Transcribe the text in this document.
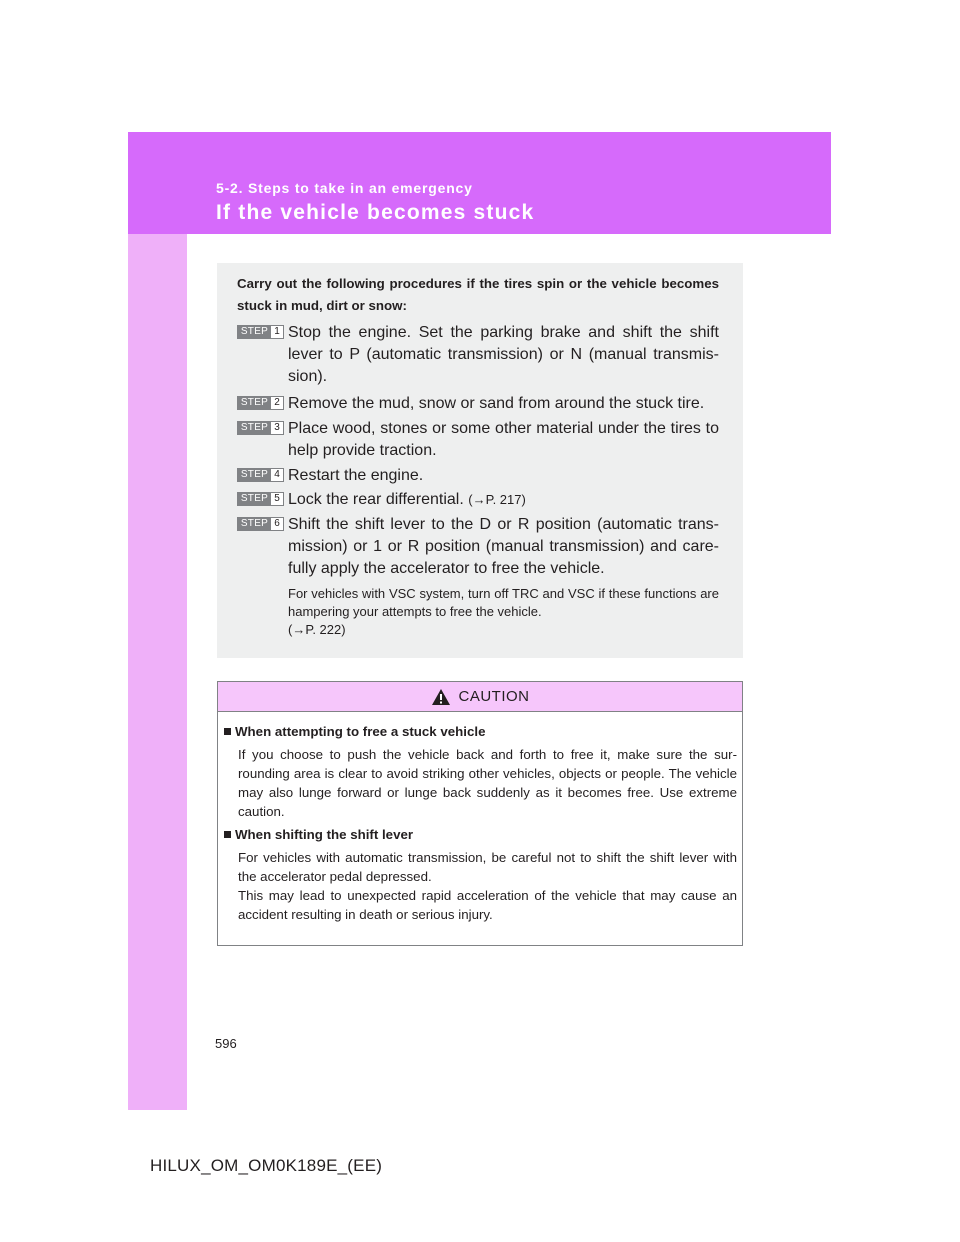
5-2. Steps to take in an emergency
If the vehicle becomes stuck
Carry out the following procedures if the tires spin or the vehicle becomes stuck in mud, dirt or snow:
STEP 1 Stop the engine. Set the parking brake and shift the shift lever to P (automatic transmission) or N (manual transmis-sion).
STEP 2 Remove the mud, snow or sand from around the stuck tire.
STEP 3 Place wood, stones or some other material under the tires to help provide traction.
STEP 4 Restart the engine.
STEP 5 Lock the rear differential. (→P. 217)
STEP 6 Shift the shift lever to the D or R position (automatic trans-mission) or 1 or R position (manual transmission) and care-fully apply the accelerator to free the vehicle.
For vehicles with VSC system, turn off TRC and VSC if these functions are hampering your attempts to free the vehicle.
(→P. 222)
CAUTION
When attempting to free a stuck vehicle
If you choose to push the vehicle back and forth to free it, make sure the sur-rounding area is clear to avoid striking other vehicles, objects or people. The vehicle may also lunge forward or lunge back suddenly as it becomes free. Use extreme caution.
When shifting the shift lever
For vehicles with automatic transmission, be careful not to shift the shift lever with the accelerator pedal depressed.
This may lead to unexpected rapid acceleration of the vehicle that may cause an accident resulting in death or serious injury.
596
HILUX_OM_OM0K189E_(EE)
